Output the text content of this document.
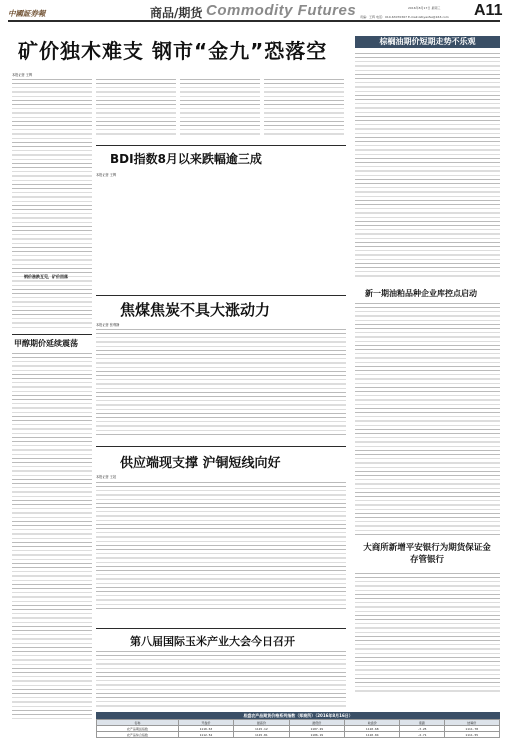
中國証券報	商品/期货 Commodity Futures	2016年8月17日 星期三 A11
责编：王辉 电话：010-63070367 E-mail:zzbyaofei@163.com
矿价独木难支 钢市“金九”恐落空
本报记者 王辉
钢价涨跌互见，矿价回落
BDI指数8月以来跌幅逾三成
本报记者 王辉
焦煤焦炭不具大涨动力
本报记者 张利静
甲醇期价延续震荡
供应端现支撑 沪铜短线向好
本报记者 王姣
第八届国际玉米产业大会今日召开
棕榈油期价短期走势不乐观
新一期油粕品种企业库控点启动
大商所新增平安银行为期货保证金存管银行
易盛农产品期货价格系列指数（郑商所）（2016年8月16日）
名称	开盘价	最高价	最低价	收盘价	涨跌	结算价
农产品期货指数	1110.63	1115.12	1107.29	1110.68	-3.25	1111.78
农产品综合指数	1112.54	1115.81	1106.19	1110.04	-2.71	1111.55
